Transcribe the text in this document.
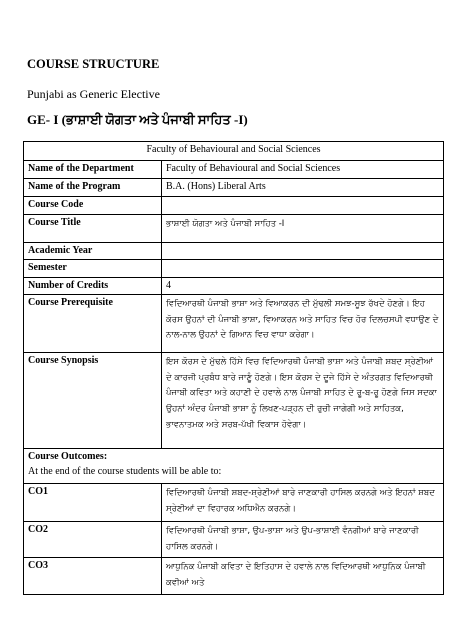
COURSE STRUCTURE
Punjabi as Generic Elective
GE- I (ਭਾਸ਼ਾਈ ਯੋਗਤਾ ਅਤੇ ਪੰਜਾਬੀ ਸਾਹਿਤ -I)
Faculty of Behavioural and Social Sciences	
Name of the Department	Faculty of Behavioural and Social Sciences
Name of the Program	B.A. (Hons) Liberal Arts
Course Code	
Course Title	ਭਾਸ਼ਾਈ ਯੋਗਤਾ ਅਤੇ ਪੰਜਾਬੀ ਸਾਹਿਤ -I
Academic Year	
Semester	
Number of Credits	4
Course Prerequisite	ਵਿਦਿਆਰਥੀ ਪੰਜਾਬੀ ਭਾਸ਼ਾ ਅਤੇ ਵਿਆਕਰਨ ਦੀ ਮੁੱਢਲੀ ਸਮਝ-ਸੂਝ ਰੱਖਦੇ ਹੋਣਗੇ। ਇਹ ਕੋਰਸ ਉਹਨਾਂ ਦੀ ਪੰਜਾਬੀ ਭਾਸ਼ਾ, ਵਿਆਕਰਨ ਅਤੇ ਸਾਹਿਤ ਵਿਚ ਹੋਰ ਦਿਲਚਸਪੀ ਵਧਾਉਣ ਦੇ ਨਾਲ-ਨਾਲ ਉਹਨਾਂ ਦੇ ਗਿਆਨ ਵਿਚ ਵਾਧਾ ਕਰੇਗਾ।
Course Synopsis	ਇਸ ਕੋਰਸ ਦੇ ਮੁੱਢਲੇ ਹਿੱਸੇ ਵਿਚ ਵਿਦਿਆਰਥੀ ਪੰਜਾਬੀ ਭਾਸ਼ਾ ਅਤੇ ਪੰਜਾਬੀ ਸ਼ਬਦ ਸ੍ਰੇਣੀਆਂ ਦੇ ਕਾਰਜੀ ਪ੍ਰਬੰਧ ਬਾਰੇ ਜਾਣੂੰ ਹੋਣਗੇ। ਇਸ ਕੋਰਸ ਦੇ ਦੂਜੇ ਹਿੱਸੇ ਦੇ ਅੰਤਰਗਤ ਵਿਦਿਆਰਥੀ ਪੰਜਾਬੀ ਕਵਿਤਾ ਅਤੇ ਕਹਾਣੀ ਦੇ ਹਵਾਲੇ ਨਾਲ ਪੰਜਾਬੀ ਸਾਹਿਤ ਦੇ ਰੂ-ਬ-ਰੂ ਹੋਣਗੇ ਜਿਸ ਸਦਕਾ ਉਹਨਾਂ ਅੰਦਰ ਪੰਜਾਬੀ ਭਾਸ਼ਾ ਨੂੰ ਲਿਖਣ-ਪੜ੍ਹਨ ਦੀ ਰੁਚੀ ਜਾਗੇਗੀ ਅਤੇ ਸਾਹਿਤਕ, ਭਾਵਨਾਤਮਕ ਅਤੇ ਸਰਬ-ਪੱਖੀ ਵਿਕਾਸ ਹੋਵੇਗਾ।

Course Outcomes:
At the end of the course students will be able to:	

CO1	ਵਿਦਿਆਰਥੀ ਪੰਜਾਬੀ ਸ਼ਬਦ-ਸ਼੍ਰੇਣੀਆਂ ਬਾਰੇ ਜਾਣਕਾਰੀ ਹਾਸਿਲ ਕਰਨਗੇ ਅਤੇ ਇਹਨਾਂ ਸ਼ਬਦ ਸ੍ਰੇਣੀਆਂ ਦਾ ਵਿਹਾਰਕ ਅਧਿਐਨ ਕਰਨਗੇ।
CO2	ਵਿਦਿਆਰਥੀ ਪੰਜਾਬੀ ਭਾਸ਼ਾ, ਉਪ-ਭਾਸ਼ਾ ਅਤੇ ਉਪ-ਭਾਸ਼ਾਈ ਵੰਨਗੀਆਂ ਬਾਰੇ ਜਾਣਕਾਰੀ ਹਾਸਿਲ ਕਰਨਗੇ।
CO3	ਆਧੁਨਿਕ ਪੰਜਾਬੀ ਕਵਿਤਾ ਦੇ ਇਤਿਹਾਸ ਦੇ ਹਵਾਲੇ ਨਾਲ ਵਿਦਿਆਰਥੀ ਆਧੁਨਿਕ ਪੰਜਾਬੀ ਕਵੀਆਂ ਅਤੇ
